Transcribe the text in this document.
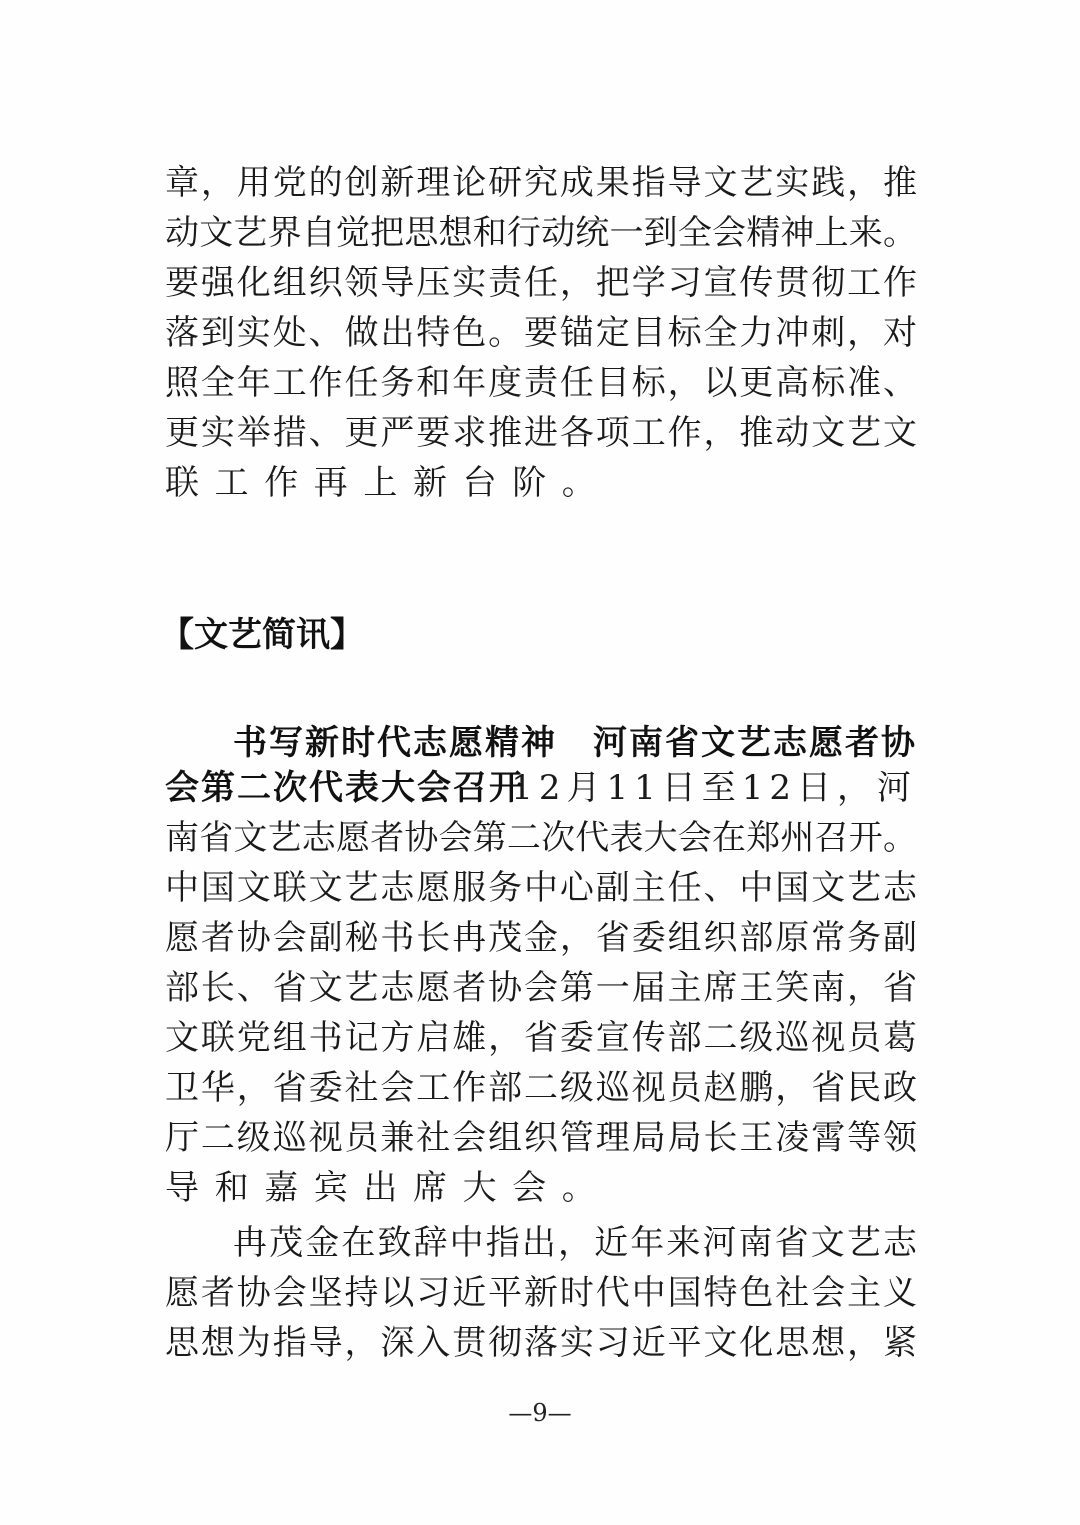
章，用党的创新理论研究成果指导文艺实践，推
动文艺界自觉把思想和行动统一到全会精神上来。
要强化组织领导压实责任，把学习宣传贯彻工作
落到实处、做出特色。要锚定目标全力冲刺，对
照全年工作任务和年度责任目标，以更高标准、
更实举措、更严要求推进各项工作，推动文艺文
联工作再上新台阶。
【文艺简讯】
书写新时代志愿精神　河南省文艺志愿者协
会第二次代表大会召开
12月11日至12日，河
南省文艺志愿者协会第二次代表大会在郑州召开。
中国文联文艺志愿服务中心副主任、中国文艺志
愿者协会副秘书长冉茂金，省委组织部原常务副
部长、省文艺志愿者协会第一届主席王笑南，省
文联党组书记方启雄，省委宣传部二级巡视员葛
卫华，省委社会工作部二级巡视员赵鹏，省民政
厅二级巡视员兼社会组织管理局局长王凌霄等领
导和嘉宾出席大会。
冉茂金在致辞中指出，近年来河南省文艺志
愿者协会坚持以习近平新时代中国特色社会主义
思想为指导，深入贯彻落实习近平文化思想，紧
—9—
